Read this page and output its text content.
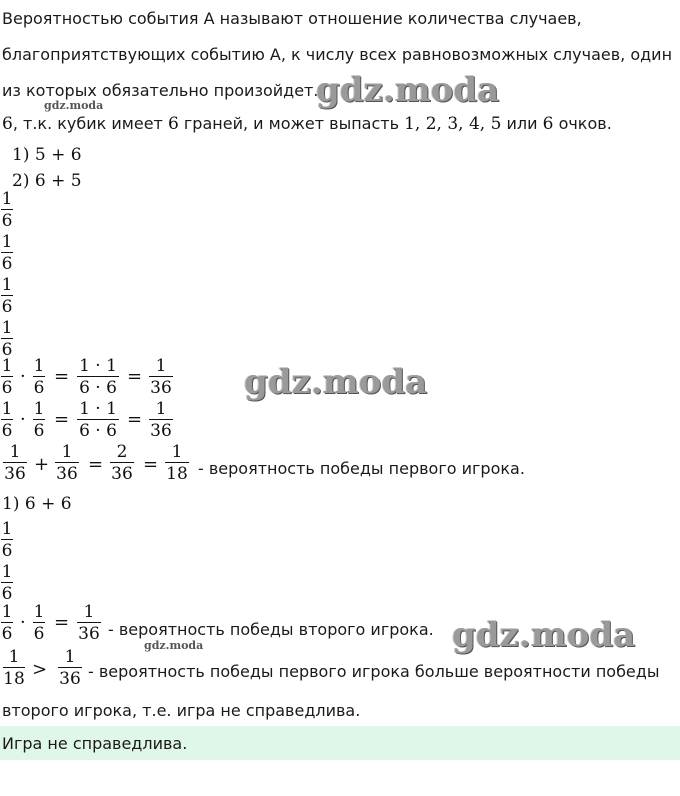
Вероятностью события А называют отношение количества случаев,
благоприятствующих событию А, к числу всех равновозможных случаев, один
из которых обязательно произойдет.
gdz.moda
gdz.moda
6, т.к. кубик имеет 6 граней, и может выпасть 1, 2, 3, 4, 5 или 6 очков.
1) 5 + 6
2) 6 + 5
1
6
1
6
1
6
1
6
1
6
· 1
6
= 1 · 1
6 · 6
= 1
36 gdz.moda
1
6
· 1
6
= 1 · 1
6 · 6
= 1
36
1
36 +
1
36 =
2
36 =
1
18 - вероятность победы первого игрока.
1) 6 + 6
1
6
1
6
1
6
· 1
6
= 1
36 - вероятность победы второго игрока.
gdz.moda	gdz.moda
1
18 >
1
36 - вероятность победы первого игрока больше вероятности победы
второго игрока, т.е. игра не справедлива.
Игра не справедлива.
